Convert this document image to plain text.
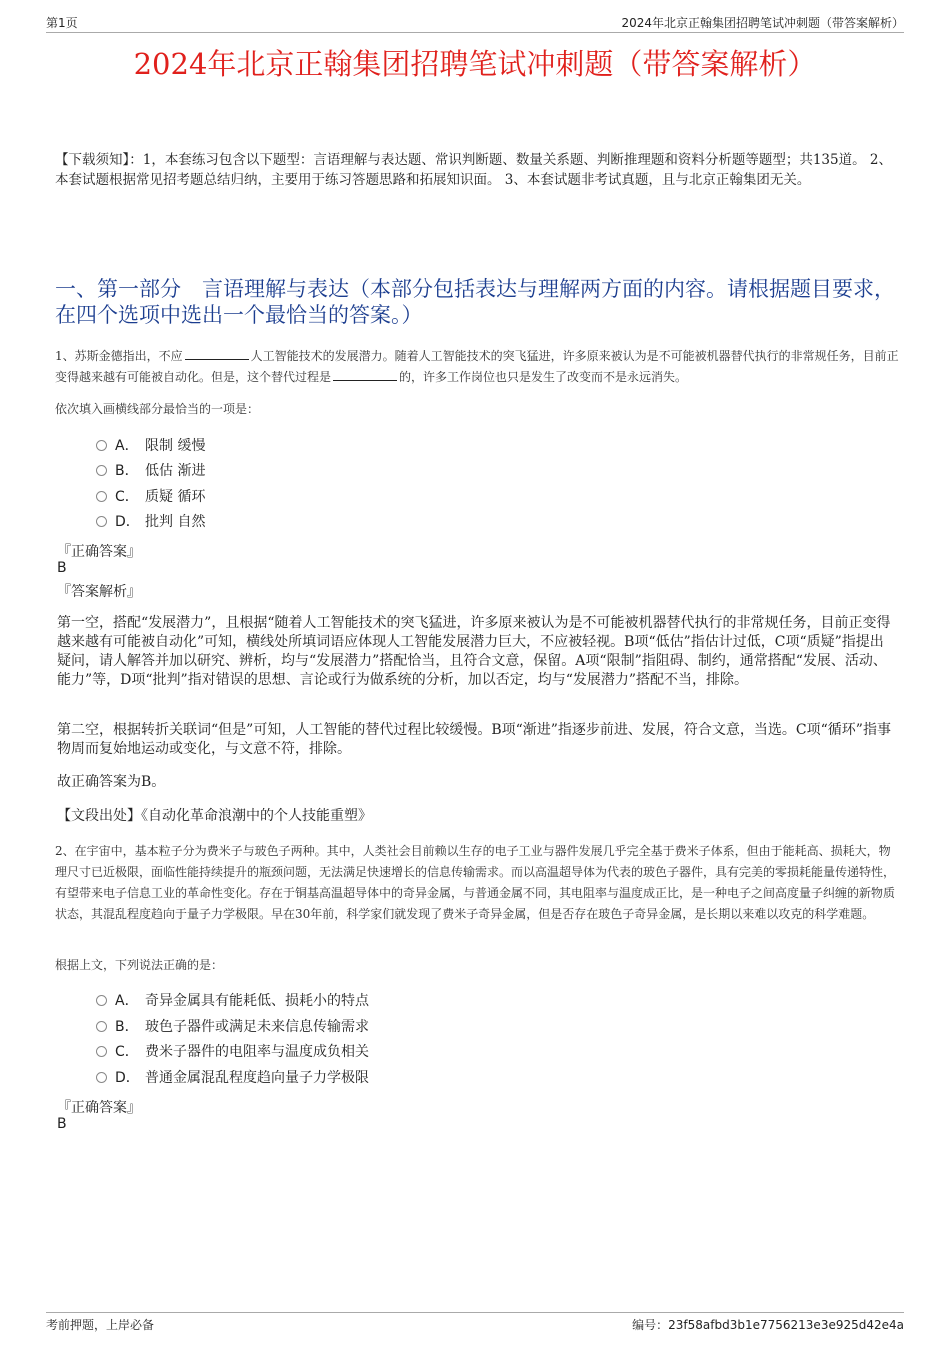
第1页	2024年北京正翰集团招聘笔试冲刺题（带答案解析）
2024年北京正翰集团招聘笔试冲刺题（带答案解析）
【下载须知】：1，本套练习包含以下题型：言语理解与表达题、常识判断题、数量关系题、判断推理题和资料分析题等题型；共135道。 2、本套试题根据常见招考题总结归纳，主要用于练习答题思路和拓展知识面。 3、本套试题非考试真题，且与北京正翰集团无关。
一、第一部分　言语理解与表达（本部分包括表达与理解两方面的内容。请根据题目要求，在四个选项中选出一个最恰当的答案。）
1、苏斯金德指出，不应	人工智能技术的发展潜力。随着人工智能技术的突飞猛进，许多原来被认为是不可能被机器替代执行的非常规任务，目前正变得越来越有可能被自动化。但是，这个替代过程是	的，许多工作岗位也只是发生了改变而不是永远消失。
依次填入画横线部分最恰当的一项是：
A． 限制 缓慢
B． 低估 渐进
C． 质疑 循环
D． 批判 自然
『正确答案』
B
『答案解析』
第一空，搭配“发展潜力”，且根据“随着人工智能技术的突飞猛进，许多原来被认为是不可能被机器替代执行的非常规任务，目前正变得越来越有可能被自动化”可知，横线处所填词语应体现人工智能发展潜力巨大，不应被轻视。B项“低估”指估计过低，C项“质疑”指提出疑问，请人解答并加以研究、辨析，均与“发展潜力”搭配恰当，且符合文意，保留。A项“限制”指阻碍、制约，通常搭配“发展、活动、能力”等，D项“批判”指对错误的思想、言论或行为做系统的分析，加以否定，均与“发展潜力”搭配不当，排除。
第二空，根据转折关联词“但是”可知，人工智能的替代过程比较缓慢。B项“渐进”指逐步前进、发展，符合文意，当选。C项“循环”指事物周而复始地运动或变化，与文意不符，排除。
故正确答案为B。
【文段出处】《自动化革命浪潮中的个人技能重塑》
2、在宇宙中，基本粒子分为费米子与玻色子两种。其中，人类社会目前赖以生存的电子工业与器件发展几乎完全基于费米子体系，但由于能耗高、损耗大，物理尺寸已近极限，面临性能持续提升的瓶颈问题，无法满足快速增长的信息传输需求。而以高温超导体为代表的玻色子器件，具有完美的零损耗能量传递特性，有望带来电子信息工业的革命性变化。存在于铜基高温超导体中的奇异金属，与普通金属不同，其电阻率与温度成正比，是一种电子之间高度量子纠缠的新物质状态，其混乱程度趋向于量子力学极限。早在30年前，科学家们就发现了费米子奇异金属，但是否存在玻色子奇异金属，是长期以来难以攻克的科学难题。
根据上文，下列说法正确的是：
A． 奇异金属具有能耗低、损耗小的特点
B． 玻色子器件或满足未来信息传输需求
C． 费米子器件的电阻率与温度成负相关
D． 普通金属混乱程度趋向量子力学极限
『正确答案』
B
考前押题，上岸必备	编号：23f58afbd3b1e7756213e3e925d42e4a
